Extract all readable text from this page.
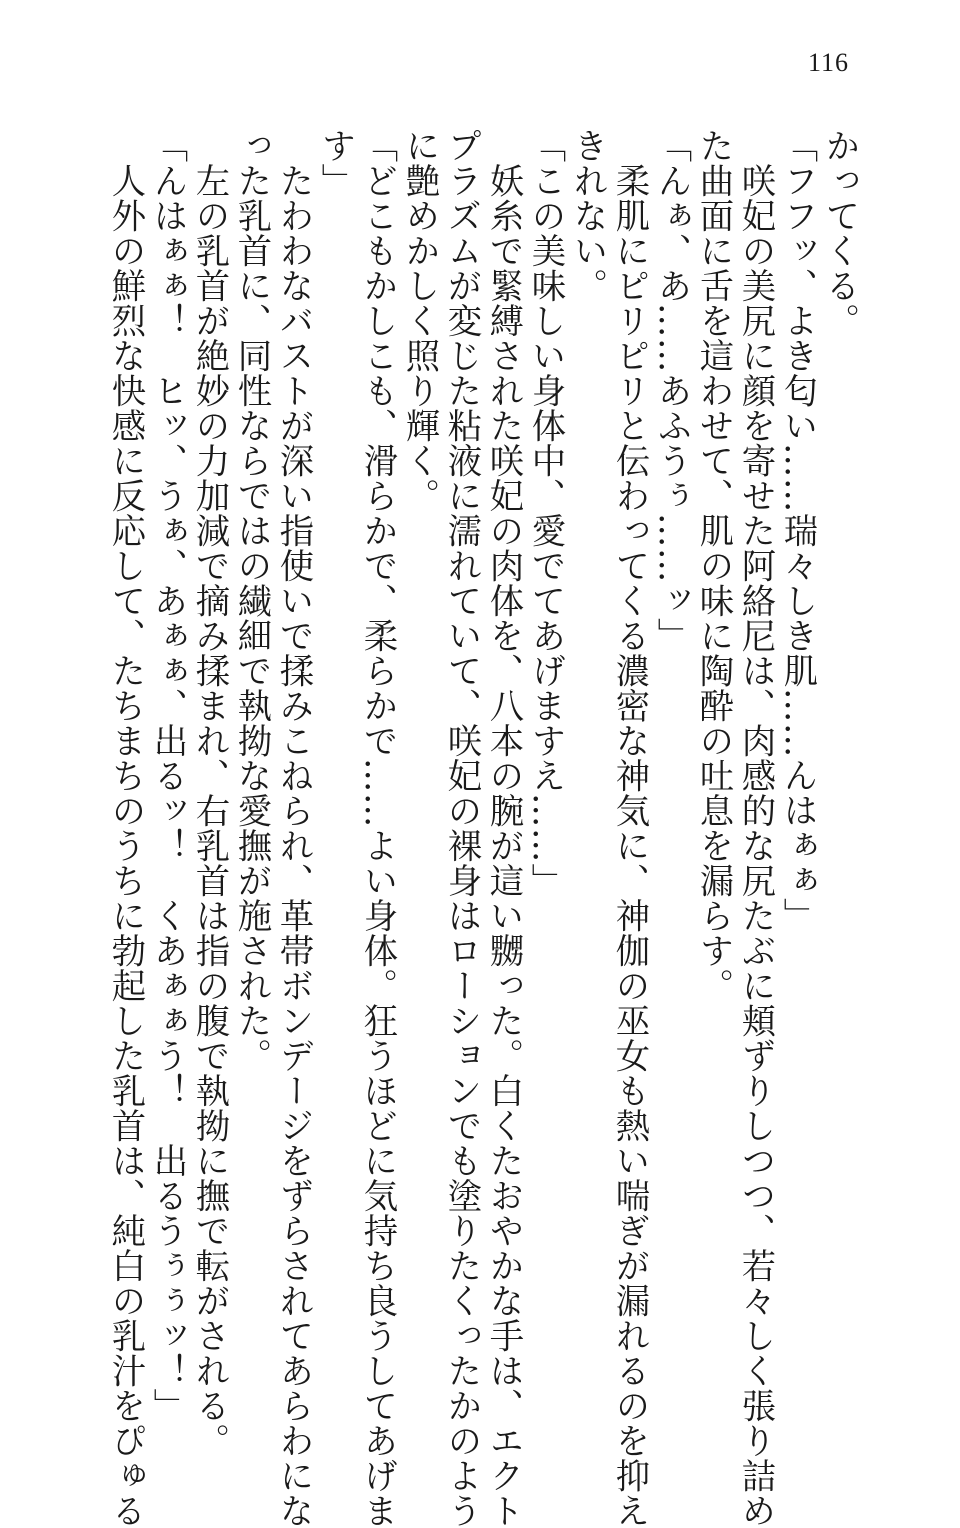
116
かってくる。
「フフッ、よき匂い……瑞々しき肌……んはぁぁ」
　咲妃の美尻に顔を寄せた阿絡尼は、肉感的な尻たぶに頬ずりしつつ、若々しく張り詰め
た曲面に舌を這わせて、肌の味に陶酔の吐息を漏らす。
「んぁ、あ……あふうぅ……ッ」
　柔肌にピリピリと伝わってくる濃密な神気に、神伽の巫女も熱い喘ぎが漏れるのを抑え
きれない。
「この美味しい身体中、愛でてあげますえ……」
　妖糸で緊縛された咲妃の肉体を、八本の腕が這い嬲った。白くたおやかな手は、エクト
プラズムが変じた粘液に濡れていて、咲妃の裸身はローションでも塗りたくったかのよう
に艶めかしく照り輝く。
「どこもかしこも、滑らかで、柔らかで……よい身体。狂うほどに気持ち良うしてあげま
す」
　たわわなバストが深い指使いで揉みこねられ、革帯ボンデージをずらされてあらわにな
った乳首に、同性ならではの繊細で執拗な愛撫が施された。
　左の乳首が絶妙の力加減で摘み揉まれ、右乳首は指の腹で執拗に撫で転がされる。
「んはぁぁ！　ヒッ、うぁ、あぁぁ、出るッ！　くあぁぁう！　出るうぅぅッ！」
　人外の鮮烈な快感に反応して、たちまちのうちに勃起した乳首は、純白の乳汁をぴゅる
